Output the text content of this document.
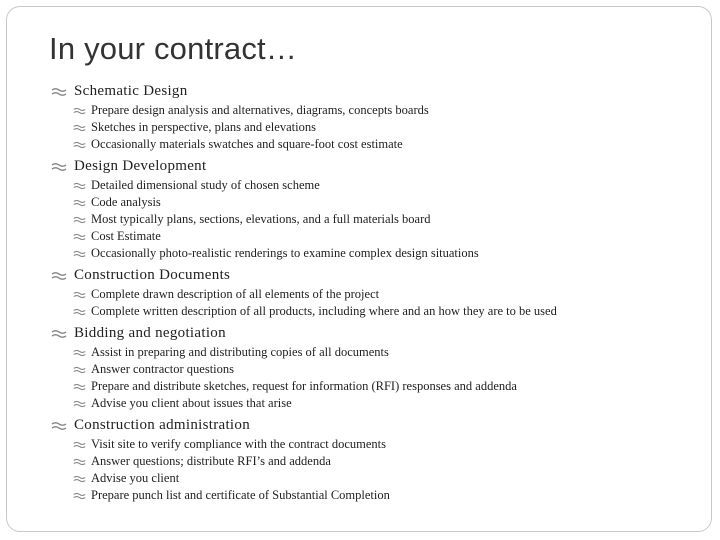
In your contract…
Schematic Design
Prepare design analysis and alternatives, diagrams, concepts boards
Sketches in perspective, plans and elevations
Occasionally materials swatches and square-foot cost estimate
Design Development
Detailed dimensional study of chosen scheme
Code analysis
Most typically plans, sections, elevations, and a full materials board
Cost Estimate
Occasionally photo-realistic renderings to examine complex design situations
Construction Documents
Complete drawn description of all elements of the project
Complete written description of all products, including where and an how they are to be used
Bidding and negotiation
Assist in preparing and distributing copies of all documents
Answer contractor questions
Prepare and distribute sketches, request for information (RFI) responses and addenda
Advise you client about issues that arise
Construction administration
Visit site to verify compliance with the contract documents
Answer questions; distribute RFI’s and addenda
Advise you client
Prepare punch list and certificate of Substantial Completion
